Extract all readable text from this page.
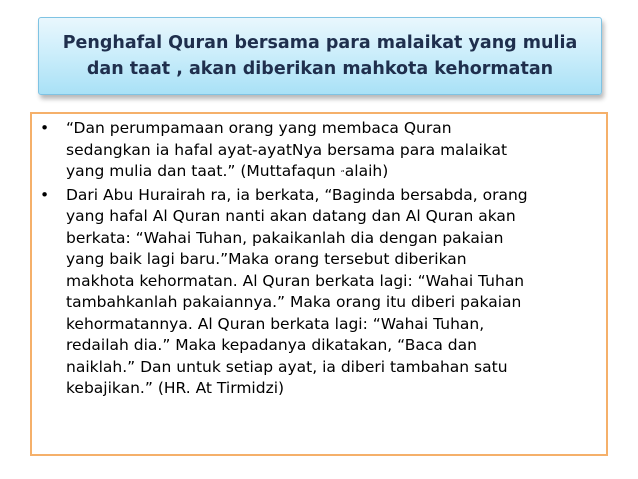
Penghafal Quran bersama para malaikat yang mulia
dan taat , akan diberikan mahkota kehormatan
• “Dan perumpamaan orang yang membaca Quran
sedangkan ia hafal ayat-ayatNya bersama para malaikat
yang mulia dan taat.” (Muttafaqun “alaih)
• Dari Abu Hurairah ra, ia berkata, “Baginda bersabda, orang
yang hafal Al Quran nanti akan datang dan Al Quran akan
berkata: “Wahai Tuhan, pakaikanlah dia dengan pakaian
yang baik lagi baru.”Maka orang tersebut diberikan
makhota kehormatan. Al Quran berkata lagi: “Wahai Tuhan
tambahkanlah pakaiannya.” Maka orang itu diberi pakaian
kehormatannya. Al Quran berkata lagi: “Wahai Tuhan,
redailah dia.” Maka kepadanya dikatakan, “Baca dan
naiklah.” Dan untuk setiap ayat, ia diberi tambahan satu
kebajikan.” (HR. At Tirmidzi)
